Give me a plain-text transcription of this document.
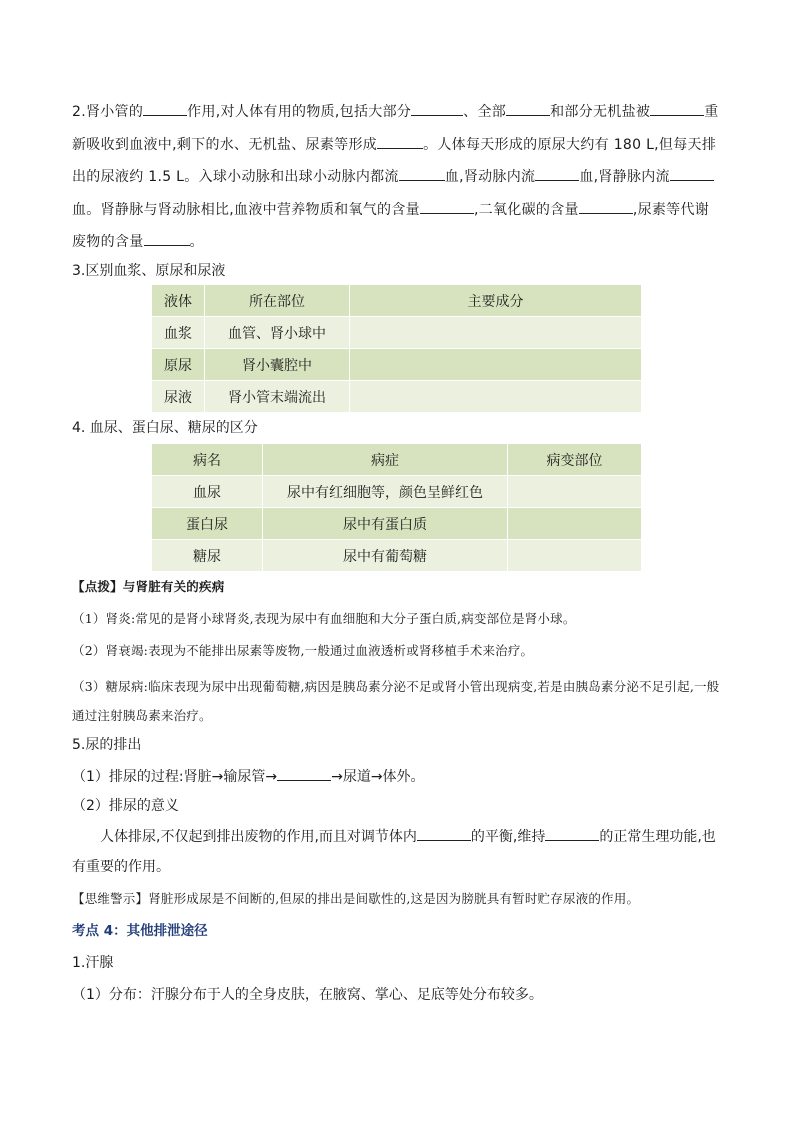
2.肾小管的	作用,对人体有用的物质,包括大部分	、全部	和部分无机盐被	重新吸收到血液中,剩下的水、无机盐、尿素等形成	。人体每天形成的原尿大约有 180 L,但每天排出的尿液约 1.5 L。入球小动脉和出球小动脉内都流	血,肾动脉内流	血,肾静脉内流血。肾静脉与肾动脉相比,血液中营养物质和氧气的含量	,二氧化碳的含量	,尿素等代谢废物的含量	。

3.区别血浆、原尿和尿液
液体	所在部位	主要成分
血浆	血管、肾小球中	
原尿	肾小囊腔中	
尿液	肾小管末端流出	
4. 血尿、蛋白尿、糖尿的区分
病名	病症	病变部位
血尿	尿中有红细胞等，颜色呈鲜红色	
蛋白尿	尿中有蛋白质	
糖尿	尿中有葡萄糖	
【点拨】与肾脏有关的疾病
（1）肾炎:常见的是肾小球肾炎,表现为尿中有血细胞和大分子蛋白质,病变部位是肾小球。
（2）肾衰竭:表现为不能排出尿素等废物,一般通过血液透析或肾移植手术来治疗。
（3）糖尿病:临床表现为尿中出现葡萄糖,病因是胰岛素分泌不足或肾小管出现病变,若是由胰岛素分泌不足引起,一般通过注射胰岛素来治疗。
5.尿的排出
（1）排尿的过程:肾脏→输尿管→	→尿道→体外。
（2）排尿的意义

人体排尿,不仅起到排出废物的作用,而且对调节体内	的平衡,维持	的正常生理功能,也有重要的作用。

【思维警示】肾脏形成尿是不间断的,但尿的排出是间歇性的,这是因为膀胱具有暂时贮存尿液的作用。
考点 4：其他排泄途径
1.汗腺
（1）分布：汗腺分布于人的全身皮肤，在腋窝、掌心、足底等处分布较多。
